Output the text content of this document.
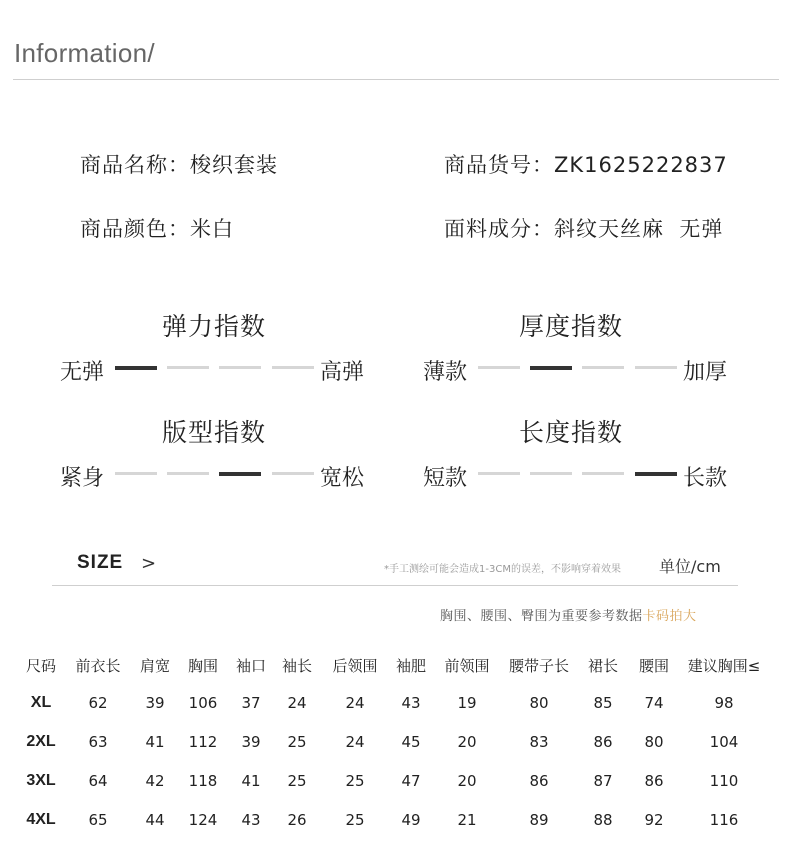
Information/
商品名称：梭织套装	商品货号：ZK1625222837
商品颜色：米白	面料成分：斜纹天丝麻  无弹
弹力指数
无弹	高弹
厚度指数
薄款	加厚
版型指数
紧身	宽松
长度指数
短款	长款
SIZE >	*手工测绘可能会造成1-3CM的误差，不影响穿着效果 单位/cm
胸围、腰围、臀围为重要参考数据卡码拍大
尺码 前衣长 肩宽 胸围 袖口 袖长 后领围 袖肥 前领围 腰带子长 裙长 腰围 建议胸围≤
XL 62	39 106 37 24	24 43 19	80	85 74	98
2XL 63	41 112 39 25	24 45 20	83	86 80	104
3XL 64	42 118 41 25	25 47 20	86	87 86	110
4XL 65	44 124 43 26	25 49 21	89	88 92	116
